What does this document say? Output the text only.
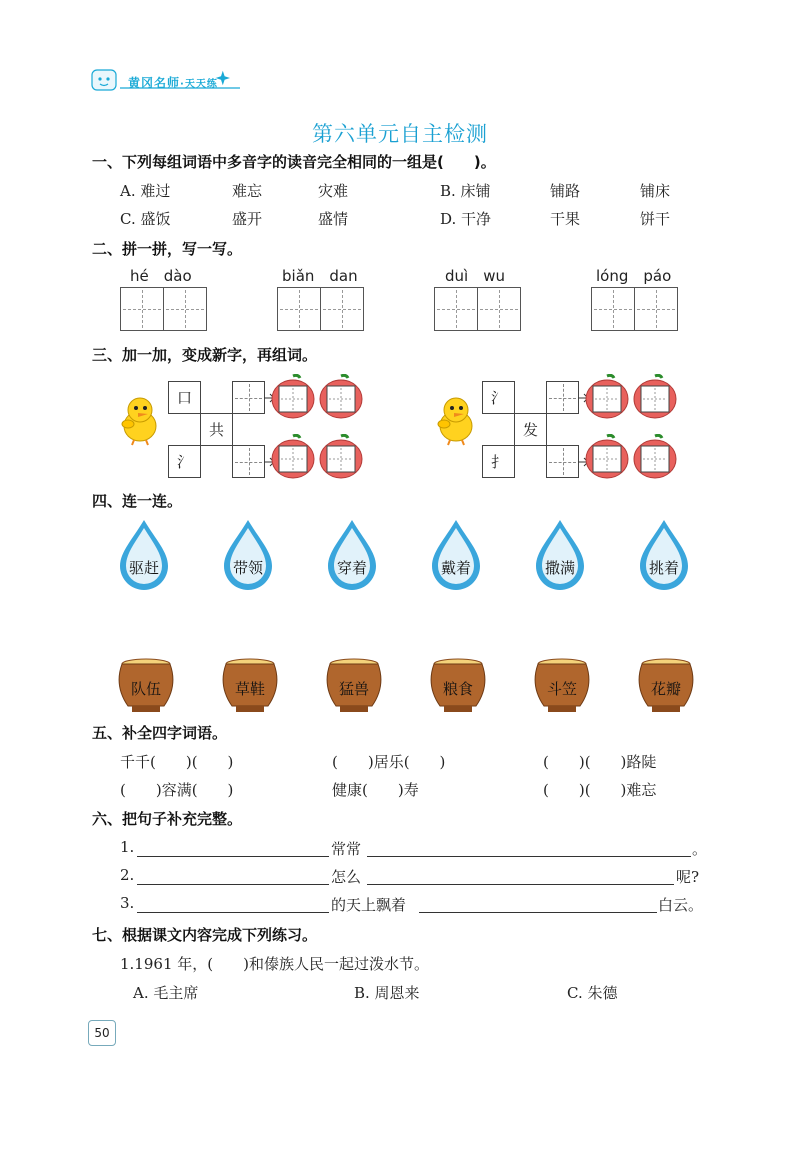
黄冈名师·天天练
第六单元自主检测
一、下列每组词语中多音字的读音完全相同的一组是(　　)。
A. 难过	难忘	灾难	B. 床铺	铺路	铺床
C. 盛饭	盛开	盛情	D. 干净	干果	饼干
二、拼一拼，写一写。
hé　dào	biǎn　dan	duì　wu	lóng　páo
三、加一加，变成新字，再组词。
口
共
氵
氵
发
扌
四、连一连。
驱赶	带领	穿着	戴着	撒满	挑着
队伍	草鞋	猛兽	粮食	斗笠	花瓣
五、补全四字词语。
千千(　　)(　　)	(　　)居乐(　　)	(　　)(　　)路陡
(　　)容满(　　)	健康(　　)寿	(　　)(　　)难忘
六、把句子补充完整。
1.	常常	。
2.	怎么	呢?
3.	的天上飘着	白云。
七、根据课文内容完成下列练习。
1.1961 年，(　　)和傣族人民一起过泼水节。
A. 毛主席	B. 周恩来	C. 朱德
50
